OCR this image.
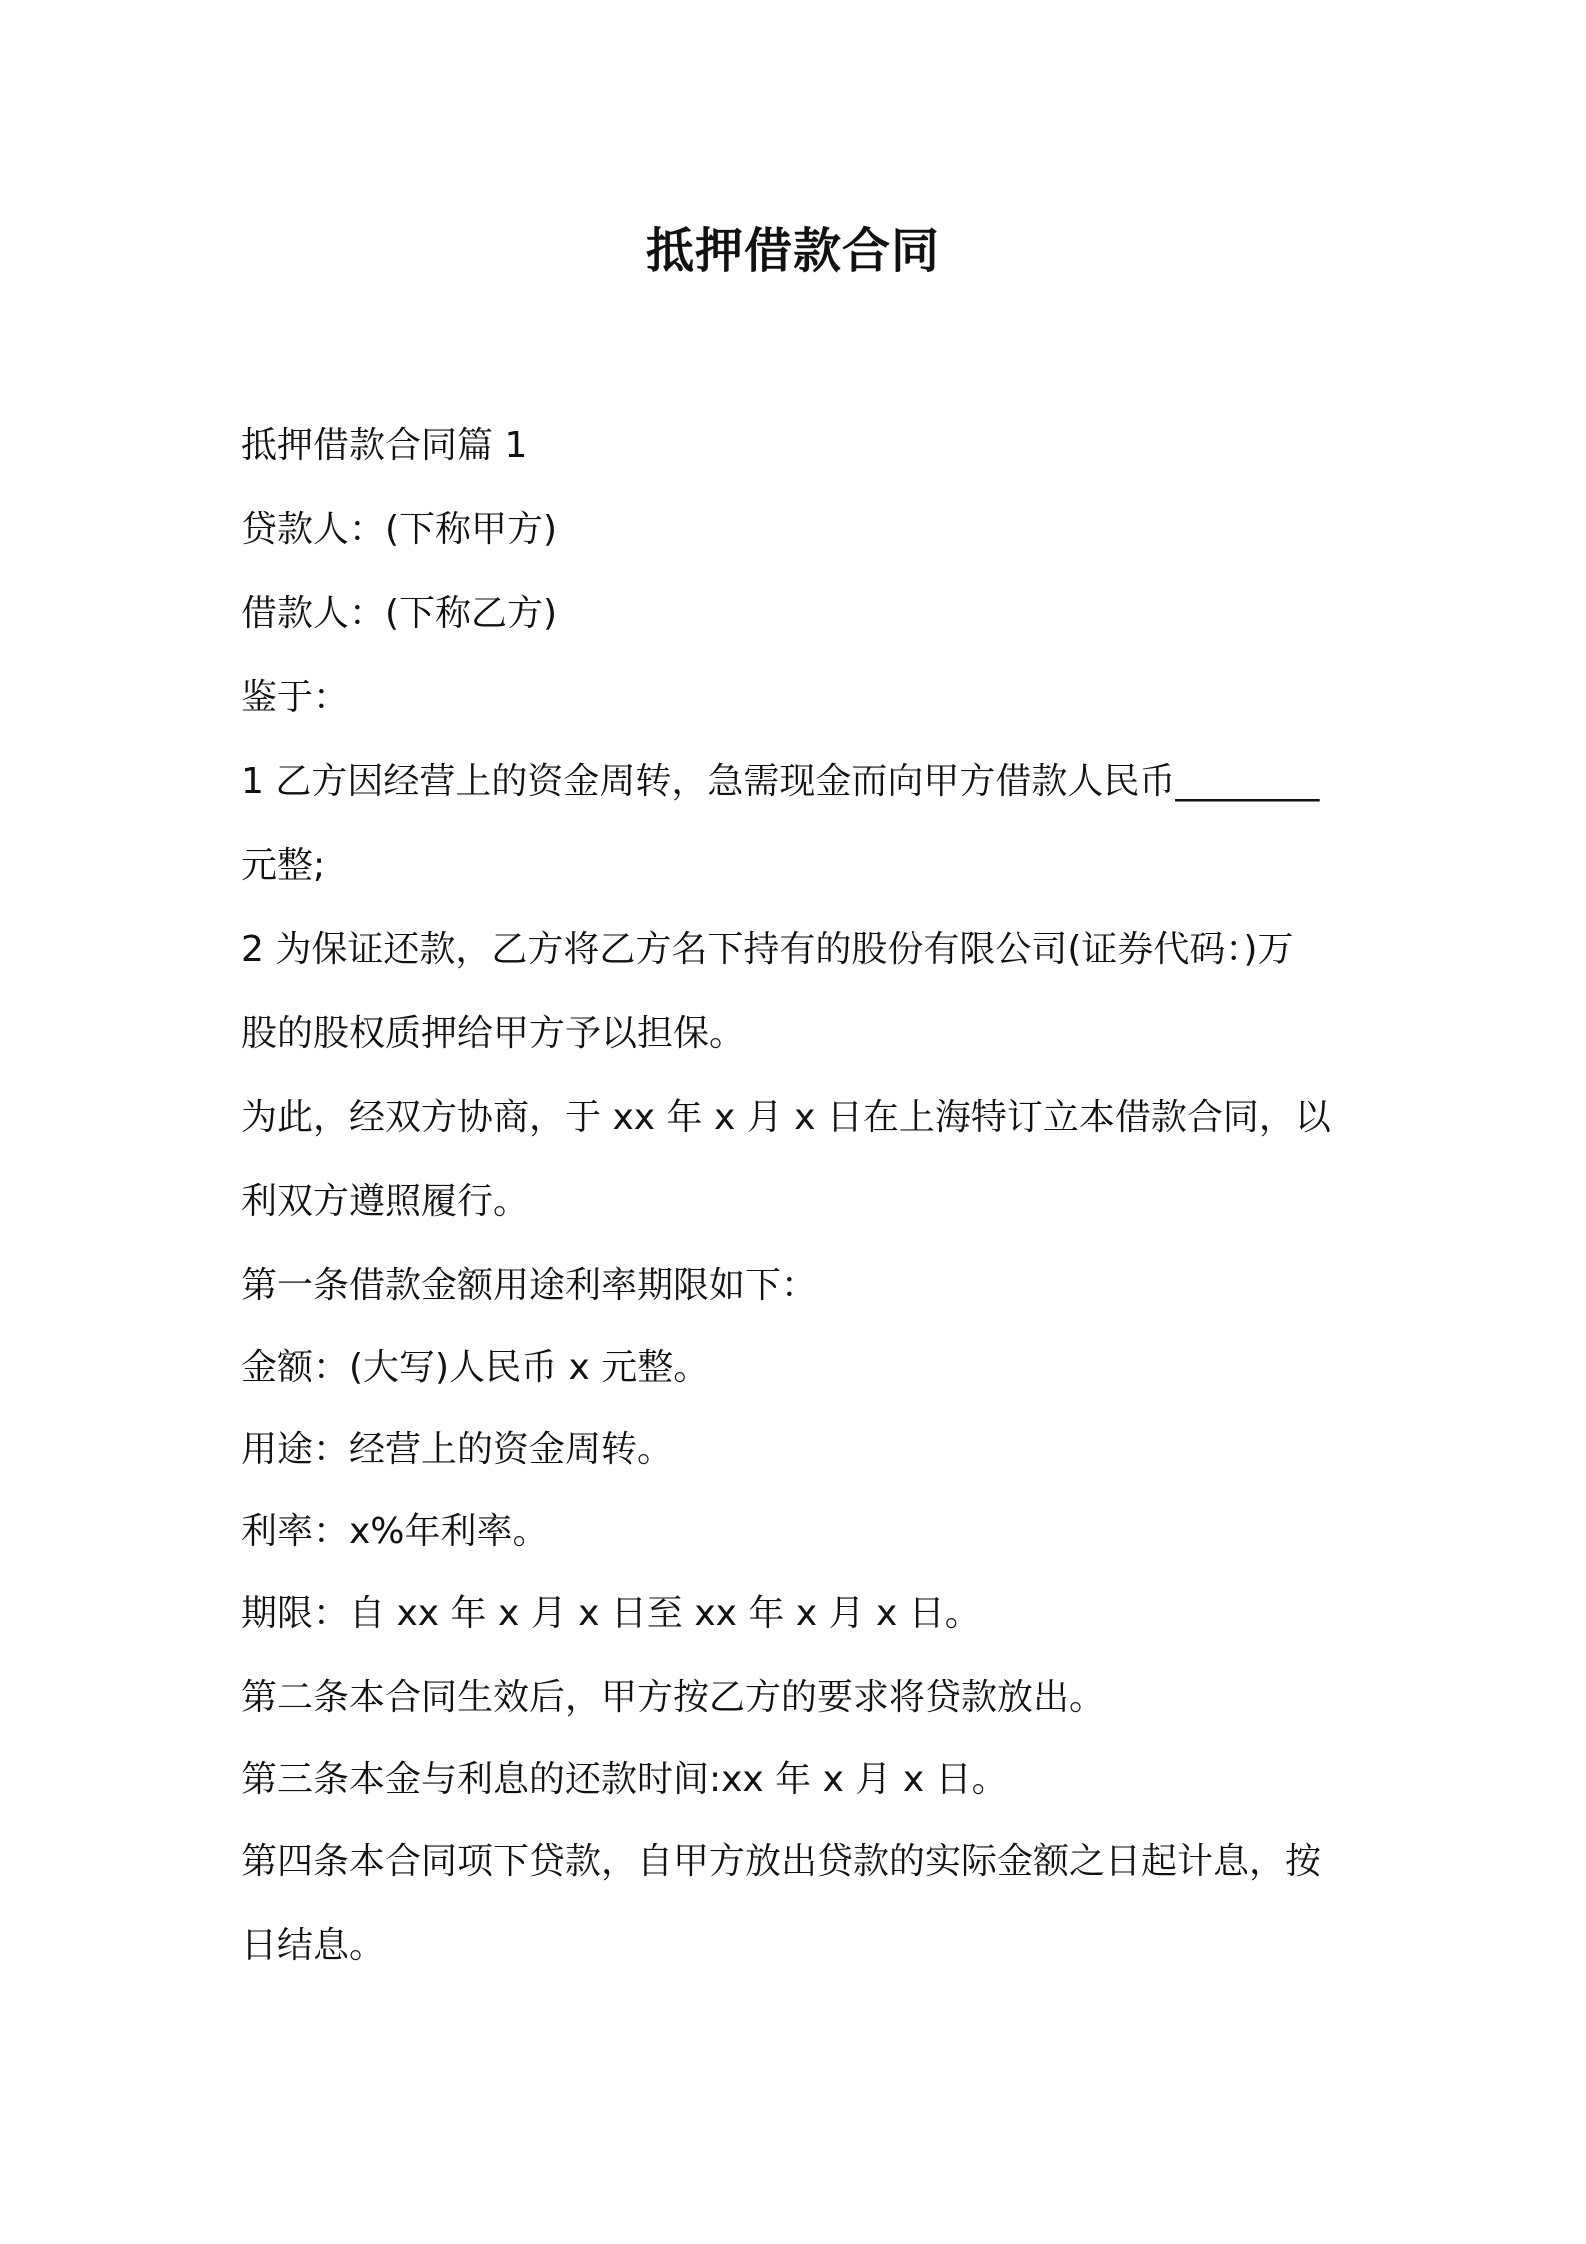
抵押借款合同
抵押借款合同篇 1
贷款人：(下称甲方)
借款人：(下称乙方)
鉴于：
1 乙方因经营上的资金周转，急需现金而向甲方借款人民币________
元整;
2 为保证还款，乙方将乙方名下持有的股份有限公司(证券代码：)万
股的股权质押给甲方予以担保。
为此，经双方协商，于 xx 年 x 月 x 日在上海特订立本借款合同，以
利双方遵照履行。
第一条借款金额用途利率期限如下：
金额：(大写)人民币 x 元整。
用途：经营上的资金周转。
利率：x%年利率。
期限：自 xx 年 x 月 x 日至 xx 年 x 月 x 日。
第二条本合同生效后，甲方按乙方的要求将贷款放出。
第三条本金与利息的还款时间:xx 年 x 月 x 日。
第四条本合同项下贷款，自甲方放出贷款的实际金额之日起计息，按
日结息。
